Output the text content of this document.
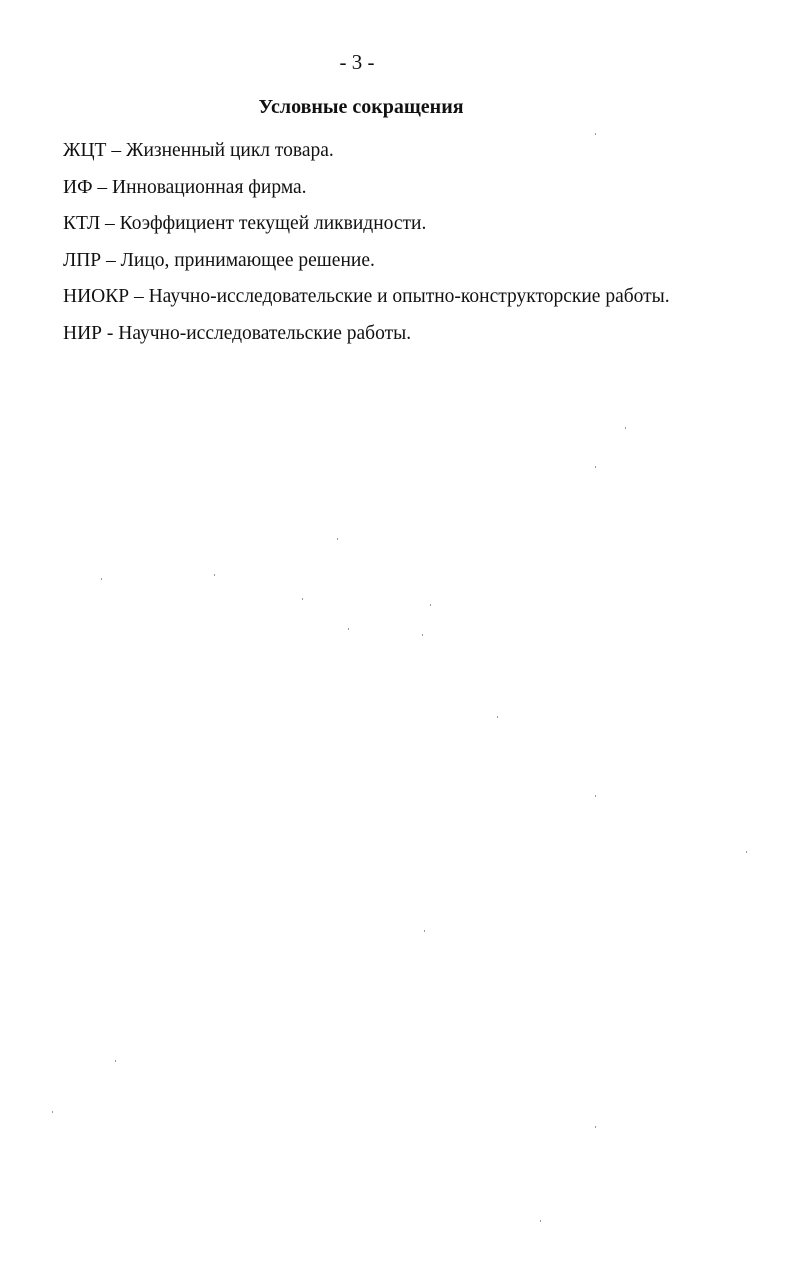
- 3 -
Условные сокращения
ЖЦТ – Жизненный цикл товара.
ИФ – Инновационная фирма.
КТЛ – Коэффициент текущей ликвидности.
ЛПР – Лицо, принимающее решение.
НИОКР – Научно-исследовательские и опытно-конструкторские работы.
НИР - Научно-исследовательские работы.
